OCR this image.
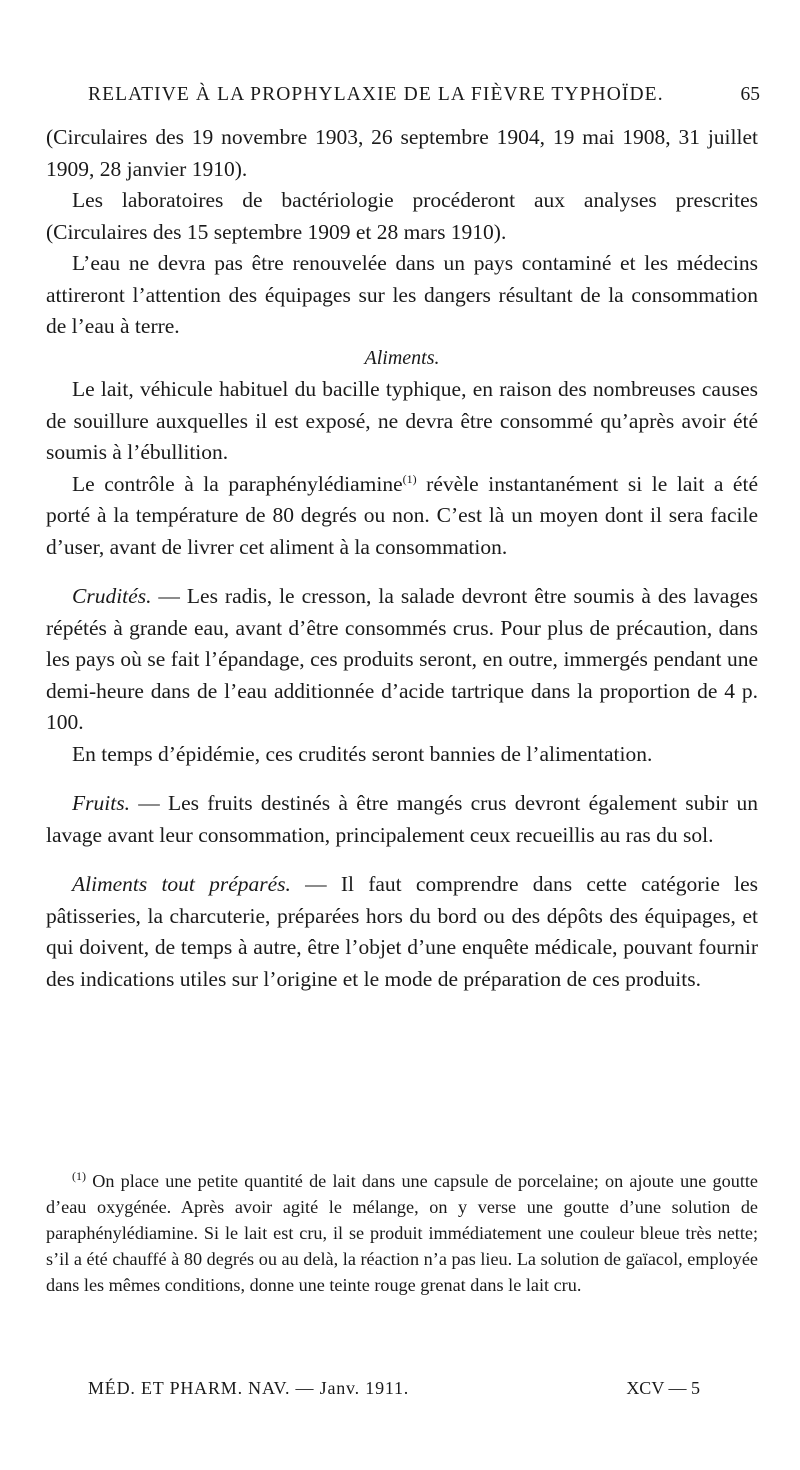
RELATIVE À LA PROPHYLAXIE DE LA FIÈVRE TYPHOÏDE.	65

(Circulaires des 19 novembre 1903, 26 septembre 1904, 19 mai 1908, 31 juillet 1909, 28 janvier 1910).

Les laboratoires de bactériologie procéderont aux analyses prescrites (Circulaires des 15 septembre 1909 et 28 mars 1910).

L’eau ne devra pas être renouvelée dans un pays contaminé et les médecins attireront l’attention des équipages sur les dangers résultant de la consommation de l’eau à terre.

Aliments.

Le lait, véhicule habituel du bacille typhique, en raison des nombreuses causes de souillure auxquelles il est exposé, ne devra être consommé qu’après avoir été soumis à l’ébullition.

Le contrôle à la paraphénylédiamine$^{(1)}$ révèle instantanément si le lait a été porté à la température de 80 degrés ou non. C’est là un moyen dont il sera facile d’user, avant de livrer cet aliment à la consommation.

Crudités. — Les radis, le cresson, la salade devront être soumis à des lavages répétés à grande eau, avant d’être consommés crus. Pour plus de précaution, dans les pays où se fait l’épandage, ces produits seront, en outre, immergés pendant une demi-heure dans de l’eau additionnée d’acide tartrique dans la proportion de 4 p. 100.

En temps d’épidémie, ces crudités seront bannies de l’alimentation.

Fruits. — Les fruits destinés à être mangés crus devront également subir un lavage avant leur consommation, principalement ceux recueillis au ras du sol.

Aliments tout préparés. — Il faut comprendre dans cette catégorie les pâtisseries, la charcuterie, préparées hors du bord ou des dépôts des équipages, et qui doivent, de temps à autre, être l’objet d’une enquête médicale, pouvant fournir des indications utiles sur l’origine et le mode de préparation de ces produits.

$^{(1)}$ On place une petite quantité de lait dans une capsule de porcelaine; on ajoute une goutte d’eau oxygénée. Après avoir agité le mélange, on y verse une goutte d’une solution de paraphénylédiamine. Si le lait est cru, il se produit immédiatement une couleur bleue très nette; s’il a été chauffé à 80 degrés ou au delà, la réaction n’a pas lieu. La solution de gaïacol, employée dans les mêmes conditions, donne une teinte rouge grenat dans le lait cru.

MÉD. ET PHARM. NAV. — Janv. 1911.	XCV — 5
